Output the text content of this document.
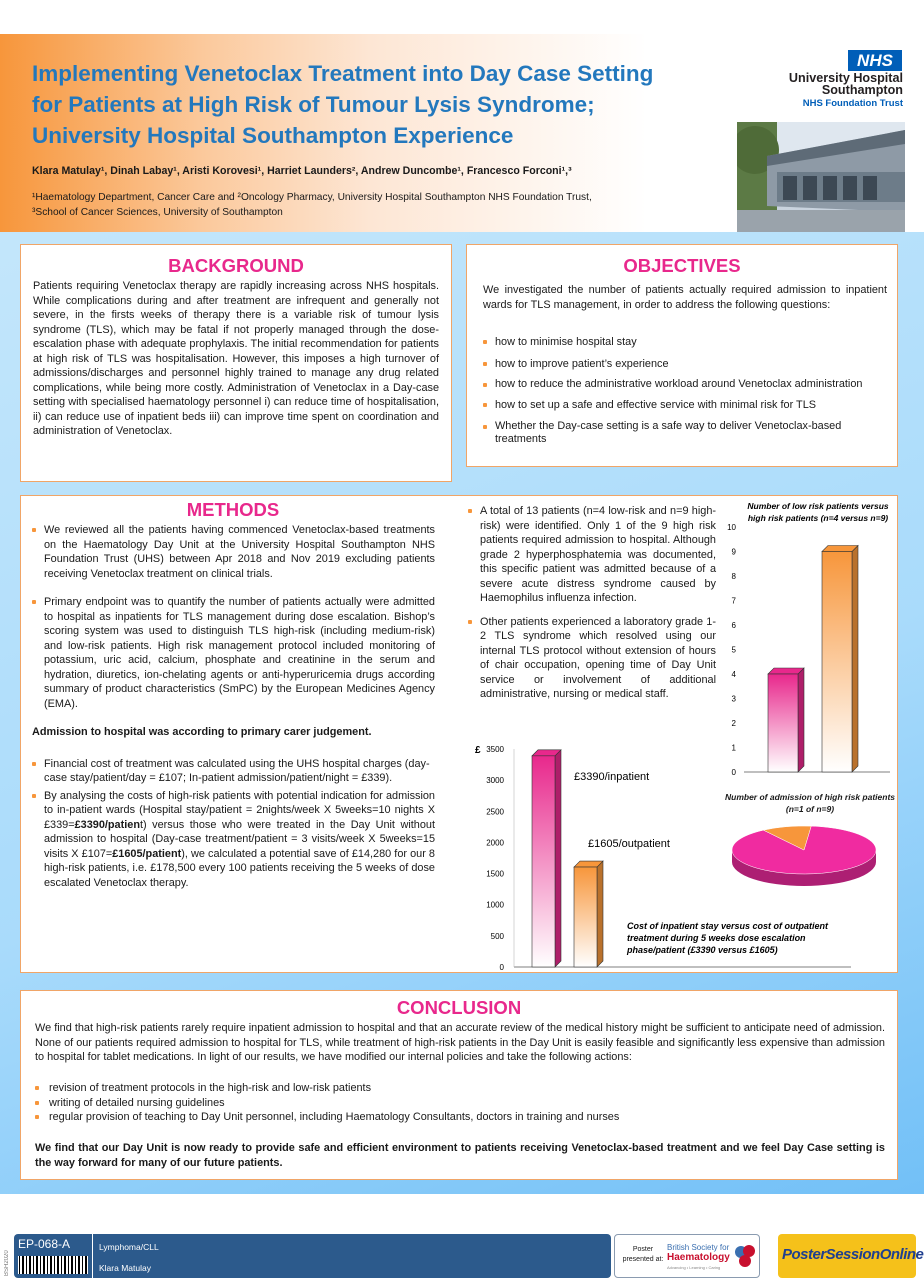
Implementing Venetoclax Treatment into Day Case Setting
for Patients at High Risk of Tumour Lysis Syndrome;
University Hospital Southampton Experience
Klara Matulay¹, Dinah Labay¹, Aristi Korovesi¹, Harriet Launders², Andrew Duncombe¹, Francesco Forconi¹,³
¹Haematology Department, Cancer Care and ²Oncology Pharmacy, University Hospital Southampton NHS Foundation Trust,
³School of Cancer Sciences, University of Southampton
NHS
University Hospital
Southampton
NHS Foundation Trust
BACKGROUND
Patients requiring Venetoclax therapy are rapidly increasing across NHS hospitals. While complications during and after treatment are infrequent and generally not severe, in the firsts weeks of therapy there is a variable risk of tumour lysis syndrome (TLS), which may be fatal if not properly managed through the dose-escalation phase with adequate prophylaxis. The initial recommendation for patients at high risk of TLS was hospitalisation. However, this imposes a high turnover of admissions/discharges and personnel highly trained to manage any drug related complications, while being more costly. Administration of Venetoclax in a Day-case setting with specialised haematology personnel i) can reduce time of hospitalisation, ii) can reduce use of inpatient beds iii) can improve time spent on coordination and administration of Venetoclax.
OBJECTIVES
We investigated the number of patients actually required admission to inpatient wards for TLS management, in order to address the following questions:
how to minimise hospital stay
how to improve patient’s experience
how to reduce the administrative workload around Venetoclax administration
how to set up a safe and effective service with minimal risk for TLS
Whether the Day-case setting is a safe way to deliver Venetoclax-based treatments
METHODS
We reviewed all the patients having commenced Venetoclax-based treatments on the Haematology Day Unit at the University Hospital Southampton NHS Foundation Trust (UHS) between Apr 2018 and Nov 2019 excluding patients receiving Venetoclax treatment on clinical trials.
Primary endpoint was to quantify the number of patients actually were admitted to hospital as inpatients for TLS management during dose escalation. Bishop’s scoring system was used to distinguish TLS high-risk (including medium-risk) and low-risk patients. High risk management protocol included monitoring of potassium, uric acid, calcium, phosphate and creatinine in the serum and hydration, diuretics, ion-chelating agents or anti-hyperuricemia drugs according summary of product characteristics (SmPC) by the European Medicines Agency (EMA).
Admission to hospital was according to primary carer judgement.
Financial cost of treatment was calculated using the UHS hospital charges (day-case stay/patient/day = £107; In-patient admission/patient/night = £339).
By analysing the costs of high-risk patients with potential indication for admission to in-patient wards (Hospital stay/patient = 2nights/week X 5weeks=10 nights X £339=£3390/patient) versus those who were treated in the Day Unit without admission to hospital (Day-case treatment/patient = 3 visits/week X 5weeks=15 visits X £107=£1605/patient), we calculated a potential save of £14,280 for our 8 high-risk patients, i.e. £178,500 every 100 patients receiving the 5 weeks of dose escalated Venetoclax therapy.
A total of 13 patients (n=4 low-risk and n=9 high-risk) were identified. Only 1 of the 9 high risk patients required admission to hospital. Although grade 2 hyperphosphatemia was documented, this specific patient was admitted because of a severe acute distress syndrome caused by Haemophilus influenza infection.
Other patients experienced a laboratory grade 1-2 TLS syndrome which resolved using our internal TLS protocol without extension of hours of chair occupation, opening time of Day Unit service or involvement of additional administrative, nursing or medical staff.
Number of low risk patients versus
high risk patients (n=4 versus n=9)
0
1
2
3
4
5
6
7
8
9
10
Number of admission of high risk patients (n=1 of n=9)
£
0
500
1000
1500
2000
2500
3000
3500
£3390/inpatient
£1605/outpatient
Cost of inpatient stay versus cost of outpatient
treatment during 5 weeks dose escalation
phase/patient (£3390 versus £1605)
CONCLUSION
We find that high-risk patients rarely require inpatient admission to hospital and that an accurate review of the medical history might be sufficient to anticipate need of admission. None of our patients required admission to hospital for TLS, while treatment of high-risk patients in the Day Unit is easily feasible and significantly less expensive than admission to hospital for tablet medications. In light of our results, we have modified our internal policies and take the following actions:
revision of treatment protocols in the high-risk and low-risk patients
writing of detailed nursing guidelines
regular provision of teaching to Day Unit personnel, including Haematology Consultants, doctors in training and nurses
We find that our Day Unit is now ready to provide safe and efficient environment to patients receiving Venetoclax-based treatment and we feel Day Case setting is the way forward for many of our future patients.
BSH2020
EP-068-A	Lymphoma/CLL
Klara Matulay
Poster
presented at:
British Society for
Haematology
Advancing • Learning • Caring
PosterSessionOnline
